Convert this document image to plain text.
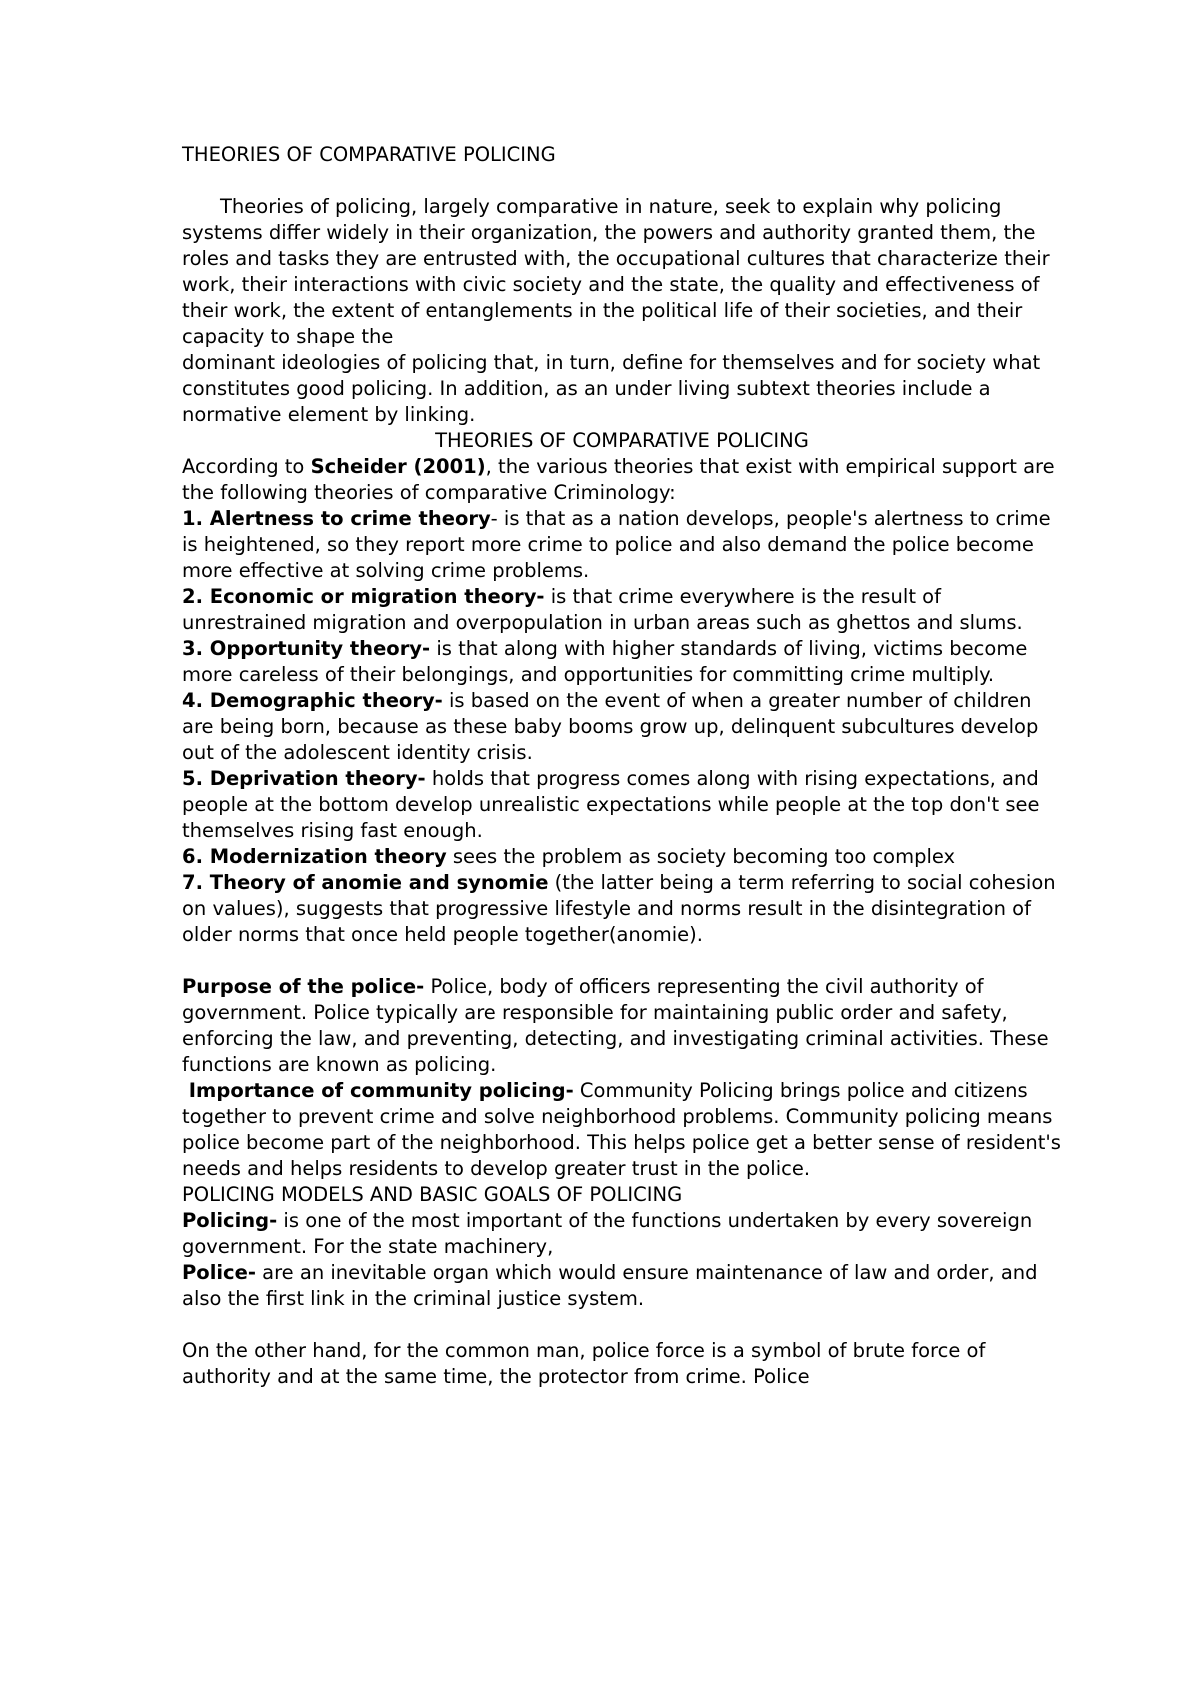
THEORIES OF COMPARATIVE POLICING

Theories of policing, largely comparative in nature, seek to explain why policing systems differ widely in their organization, the powers and authority granted them, the roles and tasks they are entrusted with, the occupational cultures that characterize their work, their interactions with civic society and the state, the quality and effectiveness of their work, the extent of entanglements in the political life of their societies, and their capacity to shape the

dominant ideologies of policing that, in turn, define for themselves and for society what constitutes good policing. In addition, as an under living subtext theories include a normative element by linking.

THEORIES OF COMPARATIVE POLICING

According to Scheider (2001), the various theories that exist with empirical support are the following theories of comparative Criminology:

1. Alertness to crime theory- is that as a nation develops, people's alertness to crime is heightened, so they report more crime to police and also demand the police become more effective at solving crime problems.

2. Economic or migration theory- is that crime everywhere is the result of unrestrained migration and overpopulation in urban areas such as ghettos and slums.

3. Opportunity theory- is that along with higher standards of living, victims become more careless of their belongings, and opportunities for committing crime multiply.

4. Demographic theory- is based on the event of when a greater number of children are being born, because as these baby booms grow up, delinquent subcultures develop out of the adolescent identity crisis.

5. Deprivation theory- holds that progress comes along with rising expectations, and people at the bottom develop unrealistic expectations while people at the top don't see themselves rising fast enough.

6. Modernization theory sees the problem as society becoming too complex

7. Theory of anomie and synomie (the latter being a term referring to social cohesion on values), suggests that progressive lifestyle and norms result in the disintegration of older norms that once held people together(anomie).

Purpose of the police- Police, body of officers representing the civil authority of government. Police typically are responsible for maintaining public order and safety, enforcing the law, and preventing, detecting, and investigating criminal activities. These functions are known as policing.

Importance of community policing- Community Policing brings police and citizens together to prevent crime and solve neighborhood problems. Community policing means police become part of the neighborhood. This helps police get a better sense of resident's needs and helps residents to develop greater trust in the police.

POLICING MODELS AND BASIC GOALS OF POLICING

Policing- is one of the most important of the functions undertaken by every sovereign government. For the state machinery,

Police- are an inevitable organ which would ensure maintenance of law and order, and also the first link in the criminal justice system.

On the other hand, for the common man, police force is a symbol of brute force of authority and at the same time, the protector from crime. Police
